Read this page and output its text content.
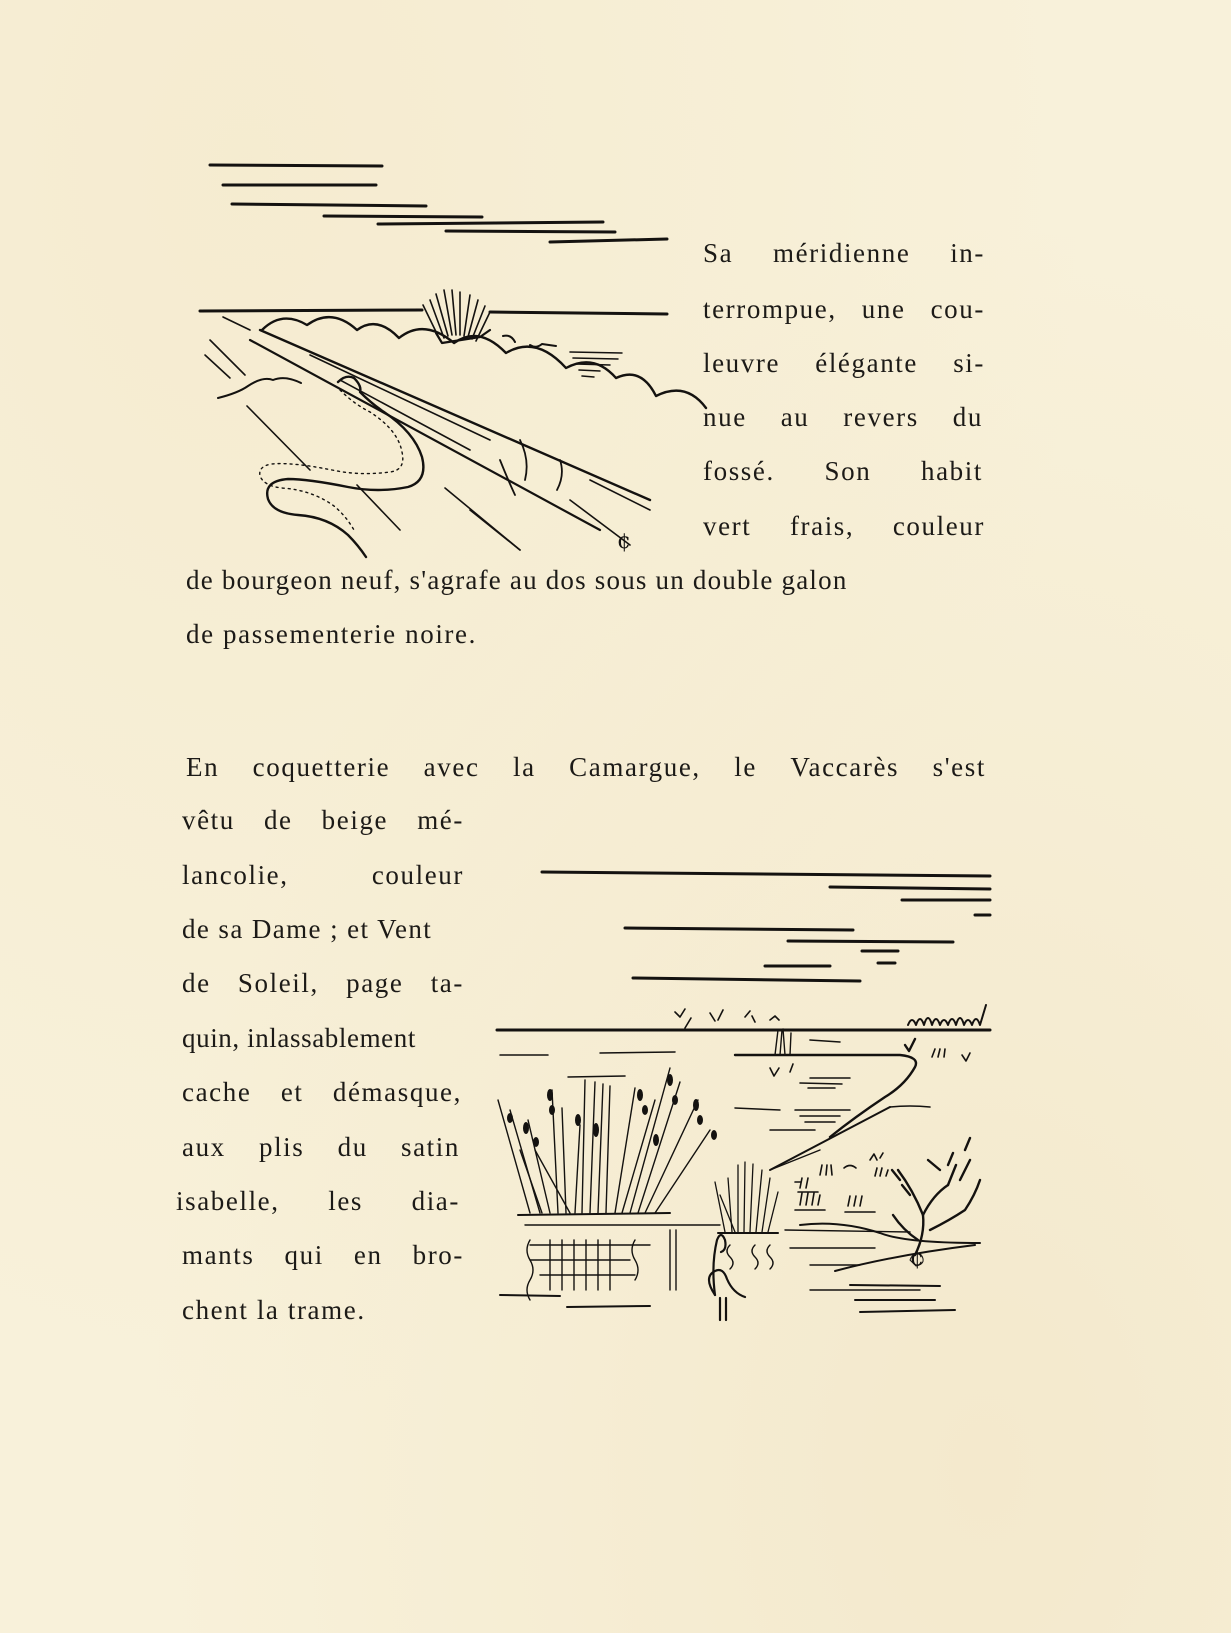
¢
Sa méridienne in-
terrompue, une cou-
leuvre élégante si-
nue au revers du
fossé. Son habit
vert frais, couleur
de bourgeon neuf, s'agrafe au dos sous un double galon
de passementerie noire.
En coquetterie avec la Camargue, le Vaccarès s'est
vêtu de beige mé-
lancolie,	couleur
de sa Dame ; et Vent
de Soleil, page ta-
quin, inlassablement
cache et démasque,
aux plis du satin
isabelle, les dia-
mants qui en bro-
chent la trame.
¢
